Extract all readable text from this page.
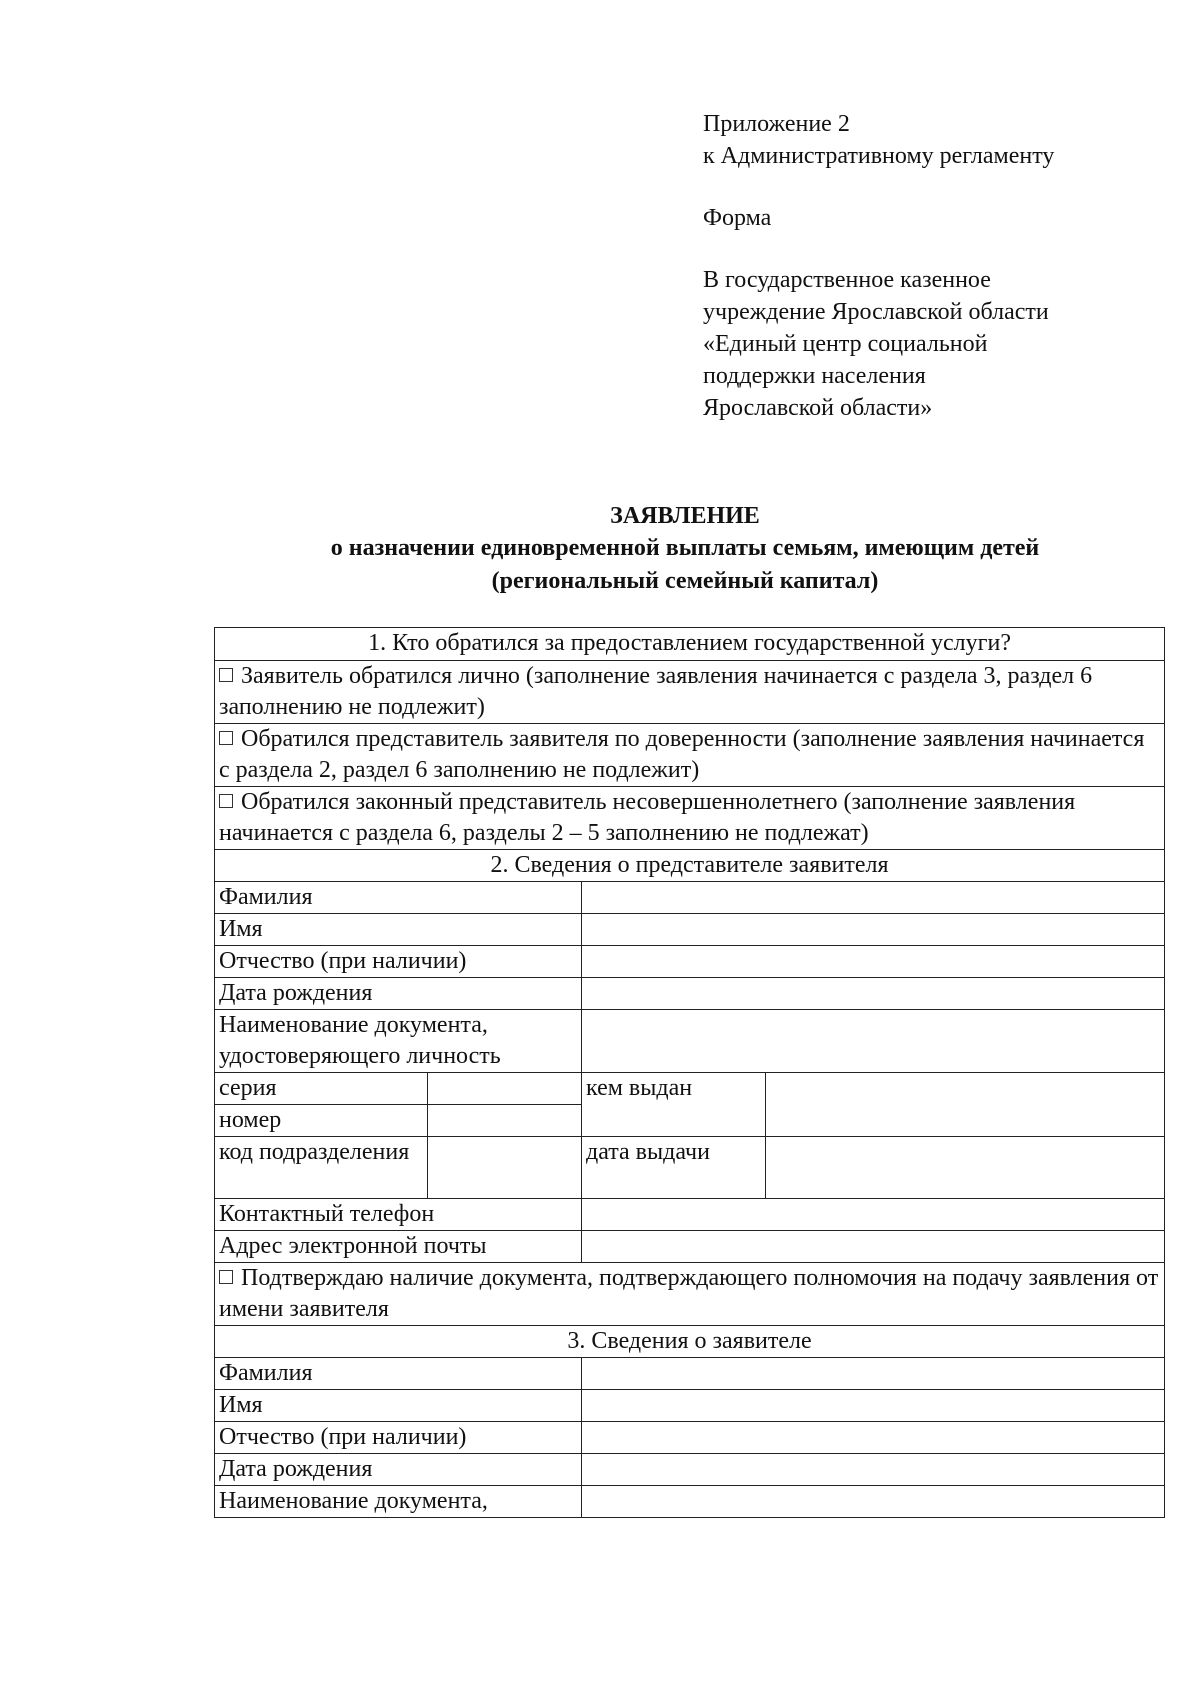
Приложение 2
к Административному регламенту
Форма
В государственное казенное
учреждение Ярославской области
«Единый центр социальной
поддержки населения
Ярославской области»
ЗАЯВЛЕНИЕ
о назначении единовременной выплаты семьям, имеющим детей
(региональный семейный капитал)
1. Кто обратился за предоставлением государственной услуги?			
Заявитель обратился лично (заполнение заявления начинается с раздела 3, раздел 6 заполнению не подлежит)			
Обратился представитель заявителя по доверенности (заполнение заявления начинается с раздела 2, раздел 6 заполнению не подлежит)			
Обратился законный представитель несовершеннолетнего (заполнение заявления начинается с раздела 6, разделы 2 – 5 заполнению не подлежат)			
2. Сведения о представителе заявителя			
Фамилия			
Имя			
Отчество (при наличии)			
Дата рождения			
Наименование документа, удостоверяющего личность			
серия		кем выдан	
номер			
код подразделения		дата выдачи	
Контактный телефон			
Адрес электронной почты			
Подтверждаю наличие документа, подтверждающего полномочия на подачу заявления от имени заявителя			
3. Сведения о заявителе			
Фамилия			
Имя			
Отчество (при наличии)			
Дата рождения			
Наименование документа,			
